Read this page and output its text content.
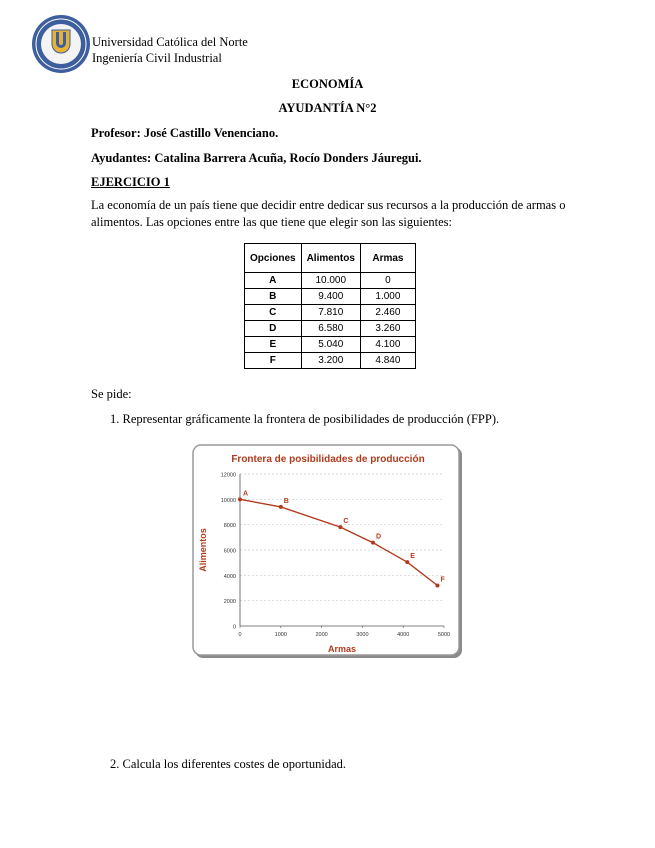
Universidad Católica del Norte
Ingeniería Civil Industrial
ECONOMÍA
AYUDANTÍA N°2
Profesor: José Castillo Venenciano.
Ayudantes: Catalina Barrera Acuña, Rocío Donders Jáuregui.
EJERCICIO 1
La economía de un país tiene que decidir entre dedicar sus recursos a la producción de armas o alimentos. Las opciones entre las que tiene que elegir son las siguientes:
Opciones	Alimentos	Armas
A	10.000	0
B	9.400	1.000
C	7.810	2.460
D	6.580	3.260
E	5.040	4.100
F	3.200	4.840
Se pide:
1. Representar gráficamente la frontera de posibilidades de producción (FPP).
Frontera de posibilidades de producción
Armas
Alimentos
0
2000
4000
6000
8000
10000
12000
0	1000	2000	3000	4000	5000
A
B
C
D
E
F
2. Calcula los diferentes costes de oportunidad.
